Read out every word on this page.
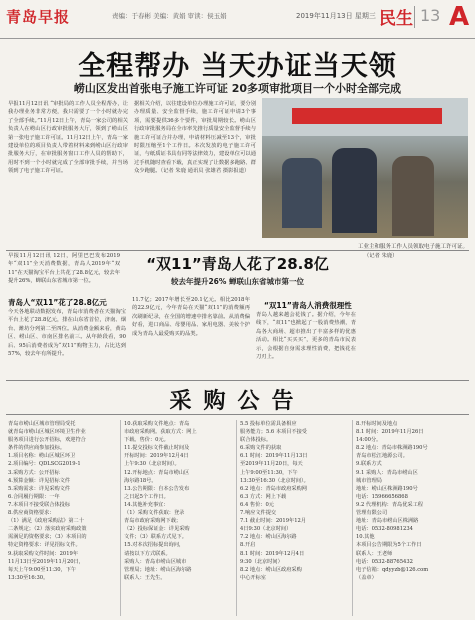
青岛早报	责编：于春彬 美编：黄娟 审读：侯玉娟	2019年11月13日 星期三 民生 13 A
全程帮办 当天办证当天领
崂山区发出首张电子施工许可证 20多项审批项目一个小时全部完成
早报11月12日讯 “审批局的工作人员全程帮办，让我办理业务非常方便，我只需要了一个小时就办完了全部手续。”11月12日上午，青岛一家公司的相关负责人在崂山区行政审批服务大厅，领到了崂山区第一张电子施工许可证。11月12日上午，青岛一家建设单位的项目负责人带着材料来到崂山区行政审批服务大厅，在审批服务窗口工作人员的帮助下，用时不到一个小时就完成了全部审批手续，并当场领到了电子施工许可证。
据相关介绍，以往建设单位办理施工许可证，要分别办理质量、安全监督手续，施工许可证申请3个事项，需要提供36多个要件，审批周期较长。崂山区行政审批服务局在全市率先推行质量安全监督手续与施工许可证合并办理，申请材料压减至13个，审批时限压缩至1个工作日。本次发放的电子施工许可证，与纸质证书具有同等法律效力，建设单位可以通过手机随时查看下载，真正实现了让数据多跑路、群众少跑腿。（记者 朱鹿 通讯员 张雄君 摄影报道）
工业主和服务工作人员领取电子施工许可证。
早报11月12日讯 12日，阿里巴巴发布2019年“双11”全天消费数据，青岛人2019年“双11”在天猫淘宝平台上共花了28.8亿元，较去年提升26%，蝉联山东省城市第一位。
“双11”青岛人花了28.8亿
较去年提升26% 蝉联山东省城市第一位
青岛人“双11”花了28.8亿元
今天各地联动数据发布，青岛市消费者在天猫淘宝平台上花了28.8亿元，排在山东省首位，济南、烟台、潍坊分列第二至四位。从消费金额来看，黄岛区、崂山区、市南区排名前三。从年龄段看，90后、95后消费者成为“双11”购物主力，占比达到57%，较去年有所提升。
11.7亿；2017年增长至20.1亿元。相比2018年的22.9亿元，今年青岛在天猫“双11”的消费额再次刷新纪录，在全国的增速中排名靠前。从消费偏好看，进口商品、母婴用品、家用电器、美妆个护成为青岛人最爱购买的品类。
“双11”青岛人消费很理性
青岛人越来越会花钱了。据介绍，今年在线下，“双11”也掀起了一股消费热潮，青岛各大商场、超市推出了丰富多样的优惠活动。相比“买买买”，更多的青岛市民表示，会根据自身需求理性消费，把钱花在刀刃上。
（记者 朱鹿）
采购公告
青岛市崂山区城市管理局受托
就青岛市崂山区城区环境卫生作业
服务项目进行公开招标，欢迎符合
条件的供应商参加投标。
1.项目名称：崂山区城区环卫
2.项目编号：QDLSCG2019-1
3.采购方式：公开招标
4.预算金额：详见招标文件
5.采购需求：详见采购文件
6.合同履行期限：一年
7.本项目不接受联合体投标
8.供应商资格要求：
（1）满足《政府采购法》第二十
二条规定；（2）落实政府采购政策
需满足的资格要求；（3）本项目的
特定资格要求：详见招标文件。
9.获取采购文件时间：2019年
11月13日至2019年11月20日，
每天上午9:00至11:30，下午
13:30至16:30。
10.获取采购文件地点：青岛
市政府采购网。获取方式：网上
下载。售价：0元。
11.提交投标文件截止时间及
开标时间：2019年12月4日
上午9:30（北京时间）。
12.开标地点：青岛市崂山区
海尔路18号。
13.公告期限：自本公告发布
之日起5个工作日。
14.其他补充事宜：
（1）采购文件获取：登录
青岛市政府采购网下载；
（2）投标保证金：详见采购
文件；（3）联系方式见下。
15.对本次招标提出询问，
请按以下方式联系。
采购人：青岛市崂山区城市
管理局；地址：崂山区海尔路
联系人：王先生。
5.5 投标单位需具备相应
服务能力；5.6 本项目不接受
联合体投标。
6.采购文件的获取
6.1 时间：2019年11月13日
至2019年11月20日，每天
上午9:00至11:30，下午
13:30至16:30（北京时间）。
6.2 地点：青岛市政府采购网
6.3 方式：网上下载
6.4 售价：0元
7.响应文件提交
7.1 截止时间：2019年12月
4日9:30（北京时间）
7.2 地点：崂山区海尔路
8.开启
8.1 时间：2019年12月4日
9:30（北京时间）
8.2 地点：崂山区政府采购
中心开标室
8.开标时间及地点
8.1 时间：2019年11月26日
14:00分。
8.2 地点：青岛市株洲路190号
青岛市松江地源公司。
9.联系方式
9.1 采购人：青岛市崂山区
城市管理局
地址：崂山区株洲路190号
电话：15966656868
9.2 代理机构：青岛优采工程
管理有限公司
地址：青岛市崂山区株洲路
电话：0532-80981234
10.其他
本项目公告期限为5个工作日
联系人：王老师
电话：0532-88765432
电子信箱：qdyyzb@126.com
（盖章）
